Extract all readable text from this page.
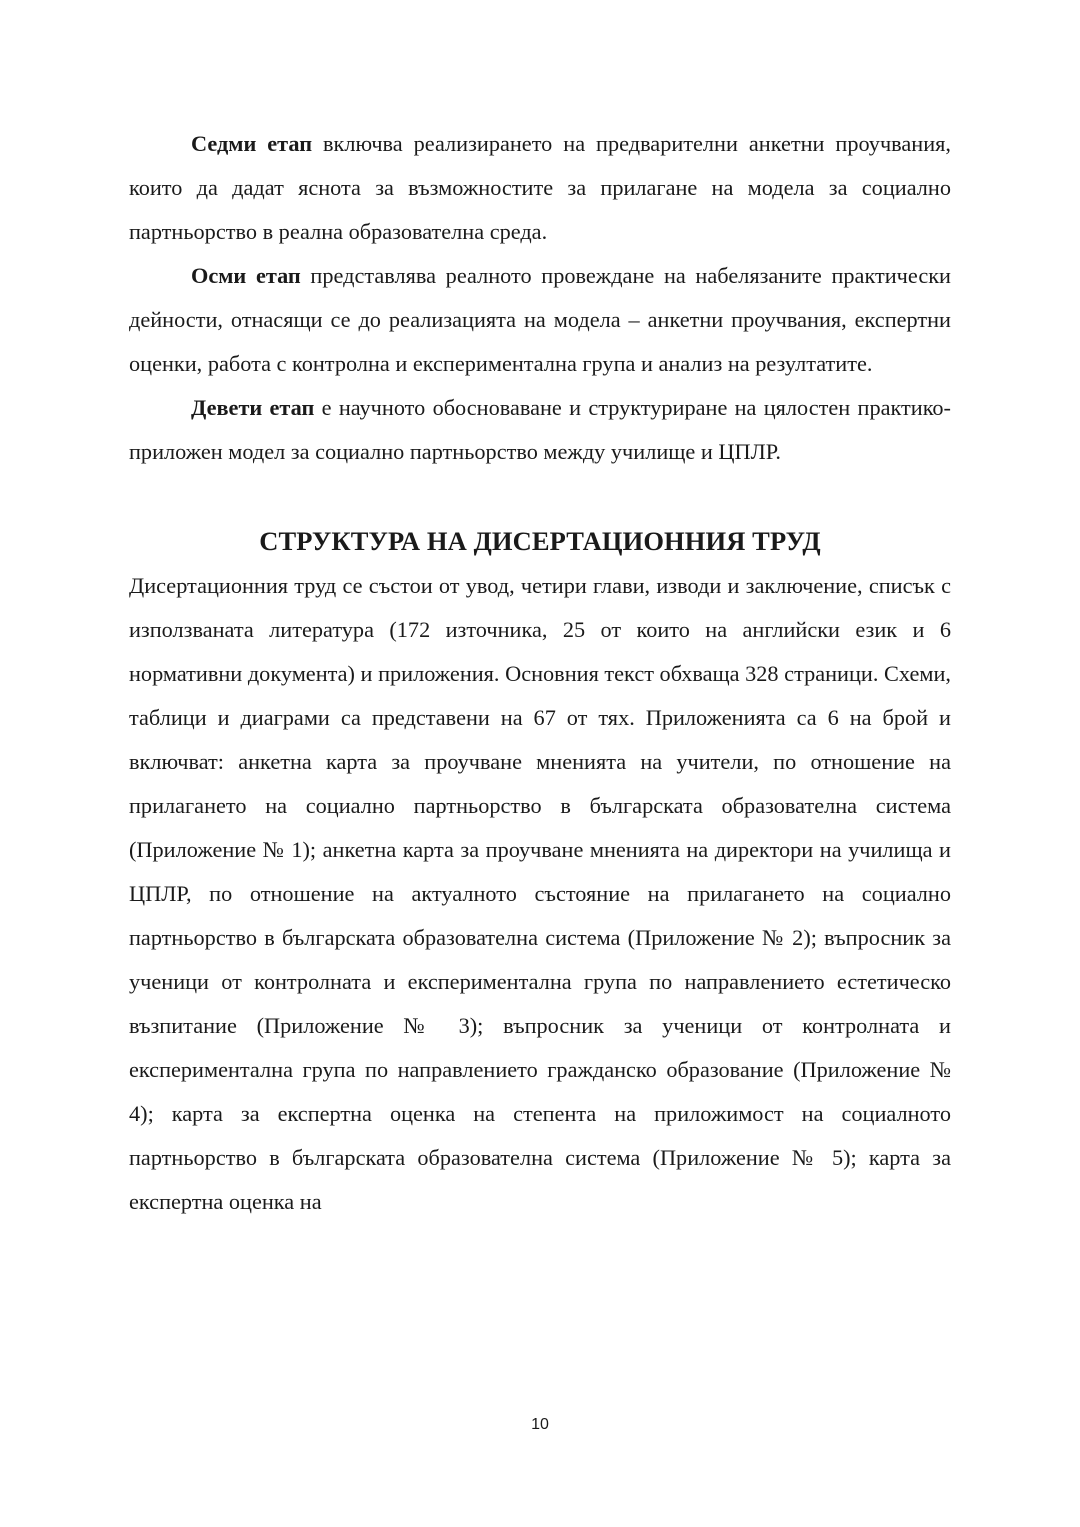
Седми етап включва реализирането на предварителни анкетни проучвания, които да дадат яснота за възможностите за прилагане на модела за социално партньорство в реална образователна среда.

Осми етап представлява реалното провеждане на набелязаните практически дейности, отнасящи се до реализацията на модела – анкетни проучвания, експертни оценки, работа с контролна и експериментална група и анализ на резултатите.

Девети етап е научното обосноваване и структуриране на цялостен практико-приложен модел за социално партньорство между училище и ЦПЛР.

СТРУКТУРА НА ДИСЕРТАЦИОННИЯ ТРУД

Дисертационния труд се състои от увод, четири глави, изводи и заключение, списък с използваната литература (172 източника, 25 от които на английски език и 6 нормативни документа) и приложения. Основния текст обхваща 328 страници. Схеми, таблици и диаграми са представени на 67 от тях. Приложенията са 6 на брой и включват: анкетна карта за проучване мненията на учители, по отношение на прилагането на социално партньорство в българската образователна система (Приложение № 1); анкетна карта за проучване мненията на директори на училища и ЦПЛР, по отношение на актуалното състояние на прилагането на социално партньорство в българската образователна система (Приложение № 2); въпросник за ученици от контролната и експериментална група по направлението естетическо възпитание (Приложение № 3); въпросник за ученици от контролната и експериментална група по направлението гражданско образование (Приложение № 4); карта за експертна оценка на степента на приложимост на социалното партньорство в българската образователна система (Приложение № 5); карта за експертна оценка на

10
